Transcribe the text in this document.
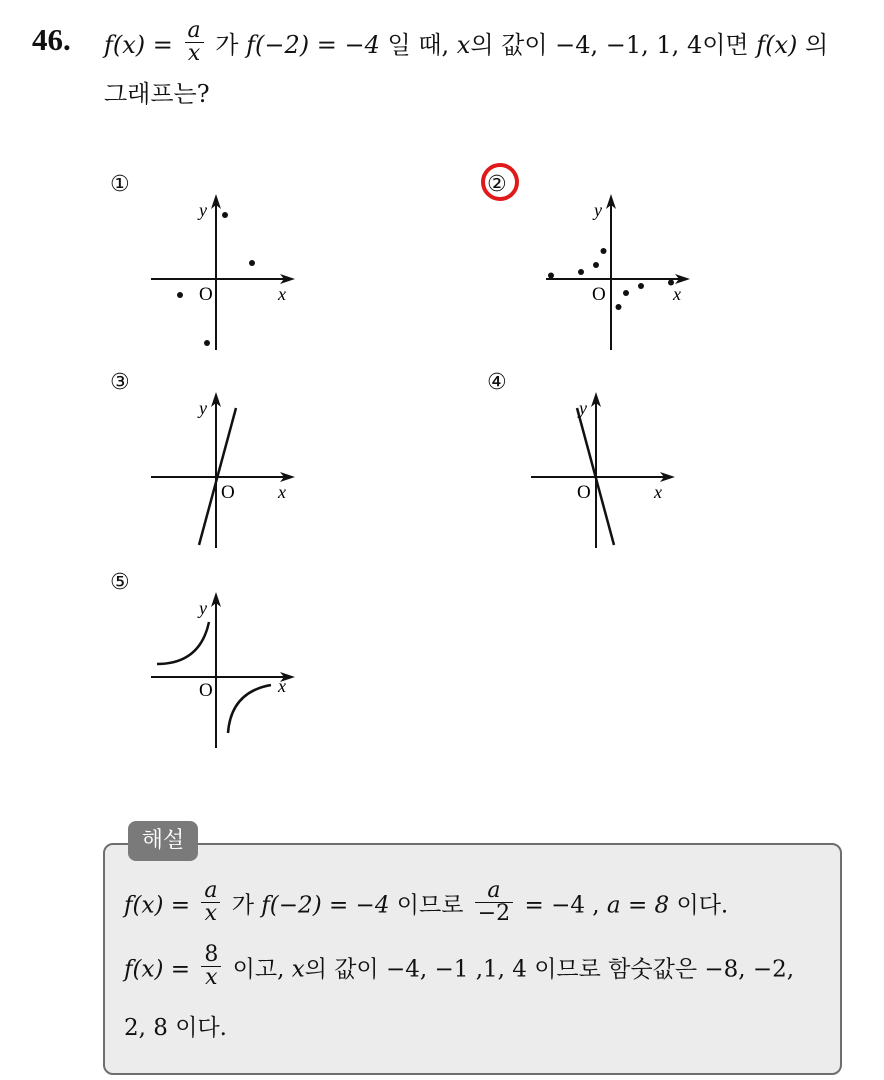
46. $f(x) = \frac{a}{x}$ 가 f(−2) = −4 일 때, x의 값이 −4, −1, 1, 4이면 f(x) 의
그래프는?
①	②
③	④
⑤
y
x
O
y
x
O
y
x
O
y
x
O
y
x
O
해설
$f(x) = \frac{a}{x}$ 가 f(−2) = −4 이므로 $\frac{a}{-2} = -4$ , a = 8 이다.
$f(x) = \frac{8}{x}$ 이고, x의 값이 −4, −1 ,1, 4 이므로 함숫값은 −8, −2,
2, 8 이다.
